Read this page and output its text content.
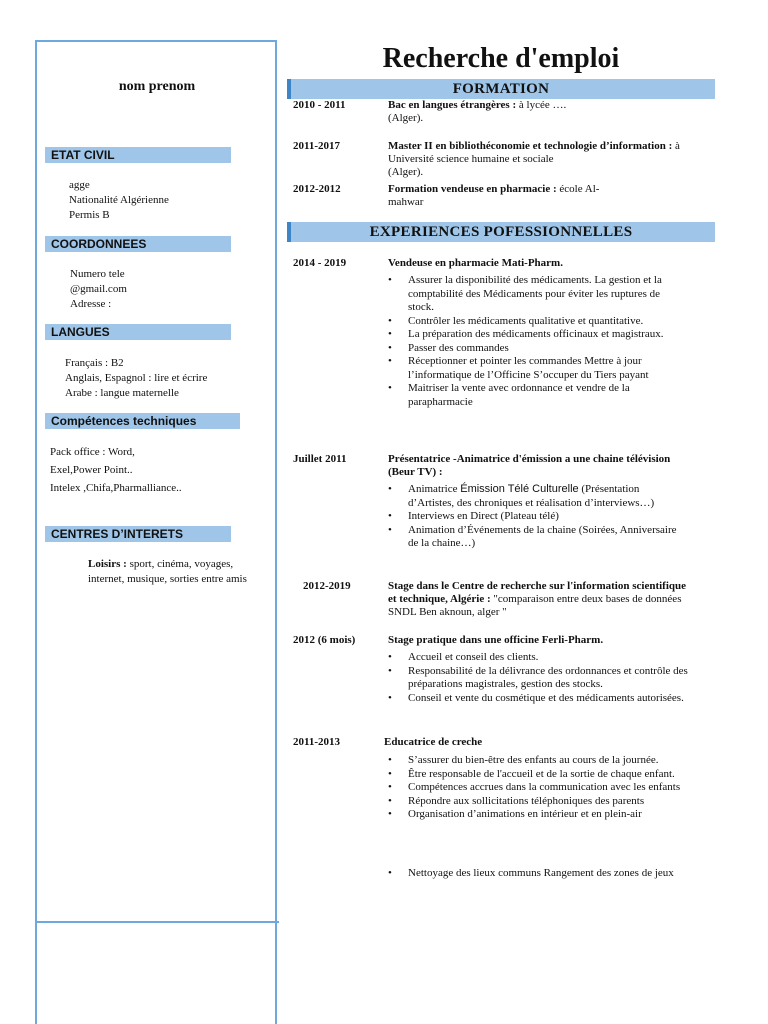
nom prenom
ETAT CIVIL
agge
Nationalité Algérienne
Permis B
COORDONNEES
Numero tele
@gmail.com
Adresse :
LANGUES
Français : B2
Anglais, Espagnol : lire et écrire
Arabe : langue maternelle
Compétences techniques
Pack office : Word,
Exel,Power Point..
Intelex ,Chifa,Pharmalliance..
CENTRES D’INTERETS
Loisirs : sport, cinéma, voyages, internet, musique, sorties entre amis
Recherche d'emploi
FORMATION
2010 - 2011	Bac en langues étrangères : à lycée ….
(Alger).
2011-2017	Master II en bibliothéconomie et technologie d’information : à Université science humaine et sociale
(Alger).
2012-2012	Formation vendeuse en pharmacie : école Al-
mahwar
EXPERIENCES POFESSIONNELLES
2014 - 2019	Vendeuse en pharmacie Mati-Pharm.
• Assurer la disponibilité des médicaments. La gestion et la comptabilité des Médicaments pour éviter les ruptures de stock.
• Contrôler les médicaments qualitative et quantitative.
• La préparation des médicaments officinaux et magistraux.
• Passer des commandes
• Réceptionner et pointer les commandes Mettre à jour l’informatique de l’Officine S’occuper du Tiers payant
• Maitriser la vente avec ordonnance et vendre de la parapharmacie
Juillet 2011	Présentatrice -Animatrice d'émission a une chaine télévision (Beur TV) :
• Animatrice Émission Télé Culturelle (Présentation d’Artistes, des chroniques et réalisation d’interviews…)
• Interviews en Direct (Plateau télé)
• Animation d’Événements de la chaine (Soirées, Anniversaire de la chaine…)
2012-2019	Stage dans le Centre de recherche sur l'information scientifique et technique, Algérie : "comparaison entre deux bases de données SNDL Ben aknoun, alger "
2012 (6 mois)	Stage pratique dans une officine Ferli-Pharm.
• Accueil et conseil des clients.
• Responsabilité de la délivrance des ordonnances et contrôle des préparations magistrales, gestion des stocks.
• Conseil et vente du cosmétique et des médicaments autorisées.
2011-2013	Educatrice de creche
• S’assurer du bien-être des enfants au cours de la journée.
• Être responsable de l'accueil et de la sortie de chaque enfant.
• Compétences accrues dans la communication avec les enfants
• Répondre aux sollicitations téléphoniques des parents
• Organisation d’animations en intérieur et en plein-air
• Nettoyage des lieux communs Rangement des zones de jeux
